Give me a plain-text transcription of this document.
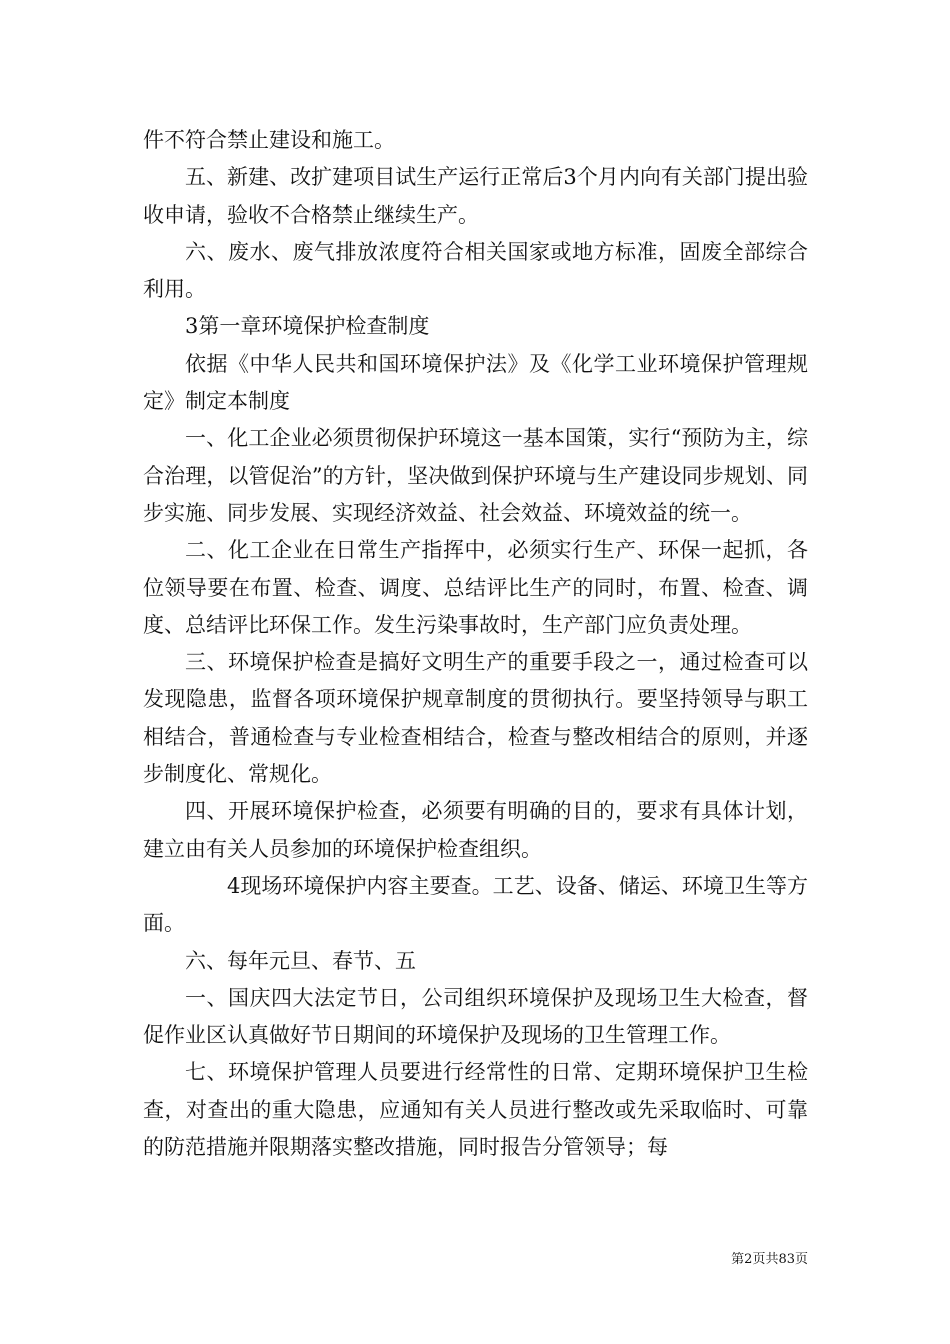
件不符合禁止建设和施工。

五、新建、改扩建项目试生产运行正常后3个月内向有关部门提出验收申请，验收不合格禁止继续生产。

六、废水、废气排放浓度符合相关国家或地方标准，固废全部综合利用。

3第一章环境保护检查制度

依据《中华人民共和国环境保护法》及《化学工业环境保护管理规定》制定本制度

一、化工企业必须贯彻保护环境这一基本国策，实行“预防为主，综合治理，以管促治”的方针，坚决做到保护环境与生产建设同步规划、同步实施、同步发展、实现经济效益、社会效益、环境效益的统一。

二、化工企业在日常生产指挥中，必须实行生产、环保一起抓，各位领导要在布置、检查、调度、总结评比生产的同时，布置、检查、调度、总结评比环保工作。发生污染事故时，生产部门应负责处理。

三、环境保护检查是搞好文明生产的重要手段之一，通过检查可以发现隐患，监督各项环境保护规章制度的贯彻执行。要坚持领导与职工相结合，普通检查与专业检查相结合，检查与整改相结合的原则，并逐步制度化、常规化。

四、开展环境保护检查，必须要有明确的目的，要求有具体计划，建立由有关人员参加的环境保护检查组织。

4现场环境保护内容主要查。工艺、设备、储运、环境卫生等方面。

六、每年元旦、春节、五

一、国庆四大法定节日，公司组织环境保护及现场卫生大检查，督促作业区认真做好节日期间的环境保护及现场的卫生管理工作。

七、环境保护管理人员要进行经常性的日常、定期环境保护卫生检查，对查出的重大隐患，应通知有关人员进行整改或先采取临时、可靠的防范措施并限期落实整改措施，同时报告分管领导；每

第2页共83页
